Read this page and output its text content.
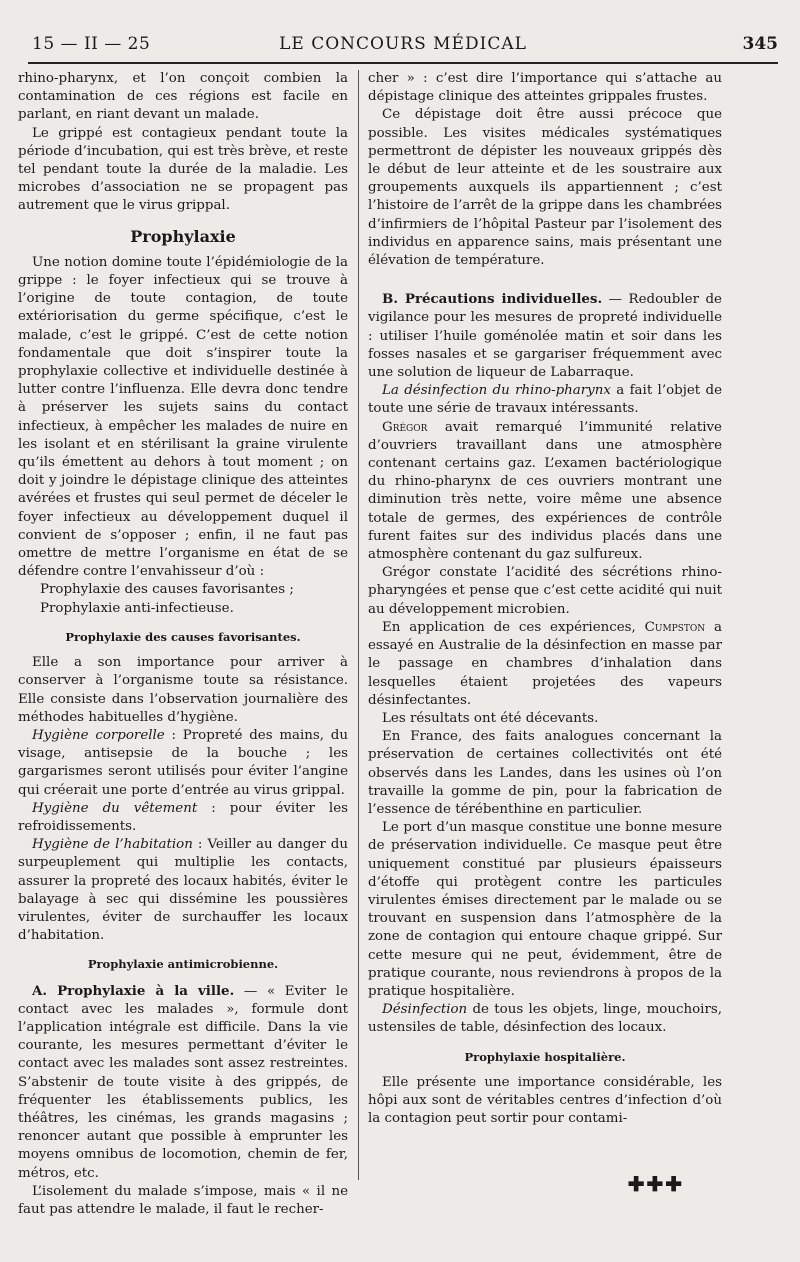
15 — II — 25	LE CONCOURS MÉDICAL	345

rhino-pharynx, et l’on conçoit combien la contamination de ces régions est facile en parlant, en riant devant un malade.

Le grippé est contagieux pendant toute la période d’incubation, qui est très brève, et reste tel pendant toute la durée de la maladie. Les microbes d’association ne se propagent pas autrement que le virus grippal.

Prophylaxie

Une notion domine toute l’épidémiologie de la grippe : le foyer infectieux qui se trouve à l’origine de toute contagion, de toute extériorisation du germe spécifique, c’est le malade, c’est le grippé. C’est de cette notion fondamentale que doit s’inspirer toute la prophylaxie collective et individuelle destinée à lutter contre l’influenza. Elle devra donc tendre à préserver les sujets sains du contact infectieux, à empêcher les malades de nuire en les isolant et en stérilisant la graine virulente qu’ils émettent au dehors à tout moment ; on doit y joindre le dépistage clinique des atteintes avérées et frustes qui seul permet de déceler le foyer infectieux au développement duquel il convient de s’opposer ; enfin, il ne faut pas omettre de mettre l’organisme en état de se défendre contre l’envahisseur d’où :

Prophylaxie des causes favorisantes ;

Prophylaxie anti-infectieuse.

Prophylaxie des causes favorisantes.

Elle a son importance pour arriver à conserver à l’organisme toute sa résistance. Elle consiste dans l’observation journalière des méthodes habituelles d’hygiène.

Hygiène corporelle : Propreté des mains, du visage, antisepsie de la bouche ; les gargarismes seront utilisés pour éviter l’angine qui créerait une porte d’entrée au virus grippal.

Hygiène du vêtement : pour éviter les refroidissements.

Hygiène de l’habitation : Veiller au danger du surpeuplement qui multiplie les contacts, assurer la propreté des locaux habités, éviter le balayage à sec qui dissémine les poussières virulentes, éviter de surchauffer les locaux d’habitation.

Prophylaxie antimicrobienne.

A. Prophylaxie à la ville. — « Eviter le contact avec les malades », formule dont l’application intégrale est difficile. Dans la vie courante, les mesures permettant d’éviter le contact avec les malades sont assez restreintes. S’abstenir de toute visite à des grippés, de fréquenter les établissements publics, les théâtres, les cinémas, les grands magasins ; renoncer autant que possible à emprunter les moyens omnibus de locomotion, chemin de fer, métros, etc.

L’isolement du malade s’impose, mais « il ne faut pas attendre le malade, il faut le recher-

cher » : c’est dire l’importance qui s’attache au dépistage clinique des atteintes grippales frustes.

Ce dépistage doit être aussi précoce que possible. Les visites médicales systématiques permettront de dépister les nouveaux grippés dès le début de leur atteinte et de les soustraire aux groupements auxquels ils appartiennent ; c’est l’histoire de l’arrêt de la grippe dans les chambrées d’infirmiers de l’hôpital Pasteur par l’isolement des individus en apparence sains, mais présentant une élévation de température.

B. Précautions individuelles. — Redoubler de vigilance pour les mesures de propreté individuelle : utiliser l’huile goménolée matin et soir dans les fosses nasales et se gargariser fréquemment avec une solution de liqueur de Labarraque.

La désinfection du rhino-pharynx a fait l’objet de toute une série de travaux intéressants.

Grégor avait remarqué l’immunité relative d’ouvriers travaillant dans une atmosphère contenant certains gaz. L’examen bactériologique du rhino-pharynx de ces ouvriers montrant une diminution très nette, voire même une absence totale de germes, des expériences de contrôle furent faites sur des individus placés dans une atmosphère contenant du gaz sulfureux.

Grégor constate l’acidité des sécrétions rhino-pharyngées et pense que c’est cette acidité qui nuit au développement microbien.

En application de ces expériences, Cumpston a essayé en Australie de la désinfection en masse par le passage en chambres d’inhalation dans lesquelles étaient projetées des vapeurs désinfectantes.

Les résultats ont été décevants.

En France, des faits analogues concernant la préservation de certaines collectivités ont été observés dans les Landes, dans les usines où l’on travaille la gomme de pin, pour la fabrication de l’essence de térébenthine en particulier.

Le port d’un masque constitue une bonne mesure de préservation individuelle. Ce masque peut être uniquement constitué par plusieurs épaisseurs d’étoffe qui protègent contre les particules virulentes émises directement par le malade ou se trouvant en suspension dans l’atmosphère de la zone de contagion qui entoure chaque grippé. Sur cette mesure qui ne peut, évidemment, être de pratique courante, nous reviendrons à propos de la pratique hospitalière.

Désinfection de tous les objets, linge, mouchoirs, ustensiles de table, désinfection des locaux.

Prophylaxie hospitalière.

Elle présente une importance considérable, les hôpi aux sont de véritables centres d’infection d’où la contagion peut sortir pour contami-

✚✚✚
